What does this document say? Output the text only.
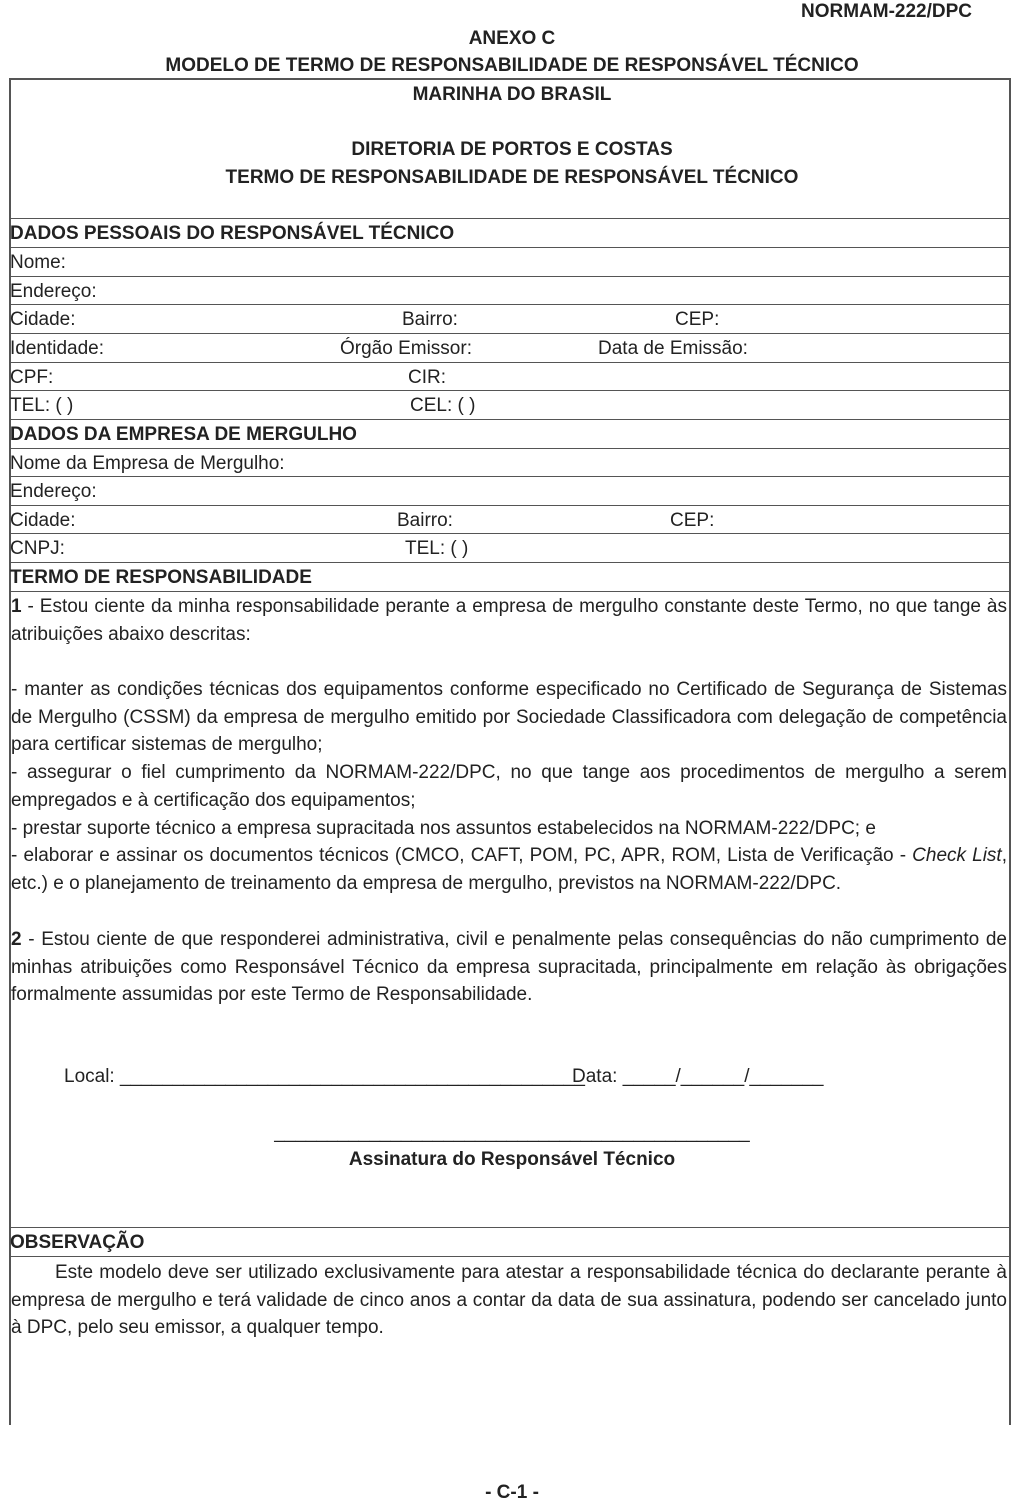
NORMAM-222/DPC
ANEXO C
MODELO DE TERMO DE RESPONSABILIDADE DE RESPONSÁVEL TÉCNICO
MARINHA DO BRASIL
DIRETORIA DE PORTOS E COSTAS
TERMO DE RESPONSABILIDADE DE RESPONSÁVEL TÉCNICO
DADOS PESSOAIS DO RESPONSÁVEL TÉCNICO
Nome:
Endereço:
Cidade:	Bairro:	CEP:
Identidade:	Órgão Emissor:	Data de Emissão:
CPF:	CIR:
TEL: ( )	CEL: ( )
DADOS DA EMPRESA DE MERGULHO
Nome da Empresa de Mergulho:
Endereço:
Cidade:	Bairro:	CEP:
CNPJ:	TEL: ( )
TERMO DE RESPONSABILIDADE

1 - Estou ciente da minha responsabilidade perante a empresa de mergulho constante deste Termo, no que tange às atribuições abaixo descritas:

- manter as condições técnicas dos equipamentos conforme especificado no Certificado de Segurança de Sistemas de Mergulho (CSSM) da empresa de mergulho emitido por Sociedade Classificadora com delegação de competência para certificar sistemas de mergulho;

- assegurar o fiel cumprimento da NORMAM-222/DPC, no que tange aos procedimentos de mergulho a serem empregados e à certificação dos equipamentos;

- prestar suporte técnico a empresa supracitada nos assuntos estabelecidos na NORMAM-222/DPC; e

- elaborar e assinar os documentos técnicos (CMCO, CAFT, POM, PC, APR, ROM, Lista de Verificação - Check List, etc.) e o planejamento de treinamento da empresa de mergulho, previstos na NORMAM-222/DPC.

2 - Estou ciente de que responderei administrativa, civil e penalmente pelas consequências do não cumprimento de minhas atribuições como Responsável Técnico da empresa supracitada, principalmente em relação às obrigações formalmente assumidas por este Termo de Responsabilidade.

Local: ____________________________________________
Data: _____/______/_______
_____________________________________________
Assinatura do Responsável Técnico
OBSERVAÇÃO

Este modelo deve ser utilizado exclusivamente para atestar a responsabilidade técnica do declarante perante à empresa de mergulho e terá validade de cinco anos a contar da data de sua assinatura, podendo ser cancelado junto à DPC, pelo seu emissor, a qualquer tempo.

- C-1 -
